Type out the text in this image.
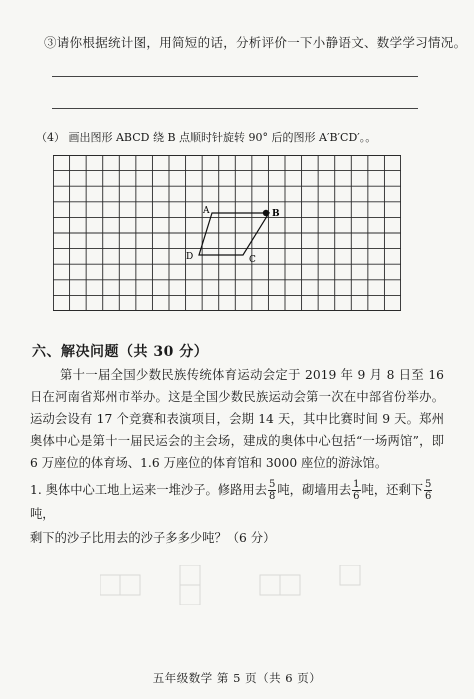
③请你根据统计图，用简短的话，分析评价一下小静语文、数学学习情况。
（4） 画出图形 ABCD 绕 B 点顺时针旋转 90° 后的图形 A′B′CD′。。
A	B
C
D
六、解决问题（共 30 分）
第十一届全国少数民族传统体育运动会定于 2019 年 9 月 8 日至 16 日在河南省郑州市举办。这是全国少数民族运动会第一次在中部省份举办。运动会设有 17 个竞赛和表演项目，会期 14 天，其中比赛时间 9 天。郑州奥体中心是第十一届民运会的主会场，建成的奥体中心包括“一场两馆”，即 6 万座位的体育场、1.6 万座位的体育馆和 3000 座位的游泳馆。
1. 奥体中心工地上运来一堆沙子。修路用去 $\frac{5}{8}$ 吨，砌墙用去 $\frac{1}{6}$ 吨，还剩下 $\frac{5}{6}$
吨，
剩下的沙子比用去的沙子多多少吨？（6 分）
五年级数学 第 5 页（共 6 页）
